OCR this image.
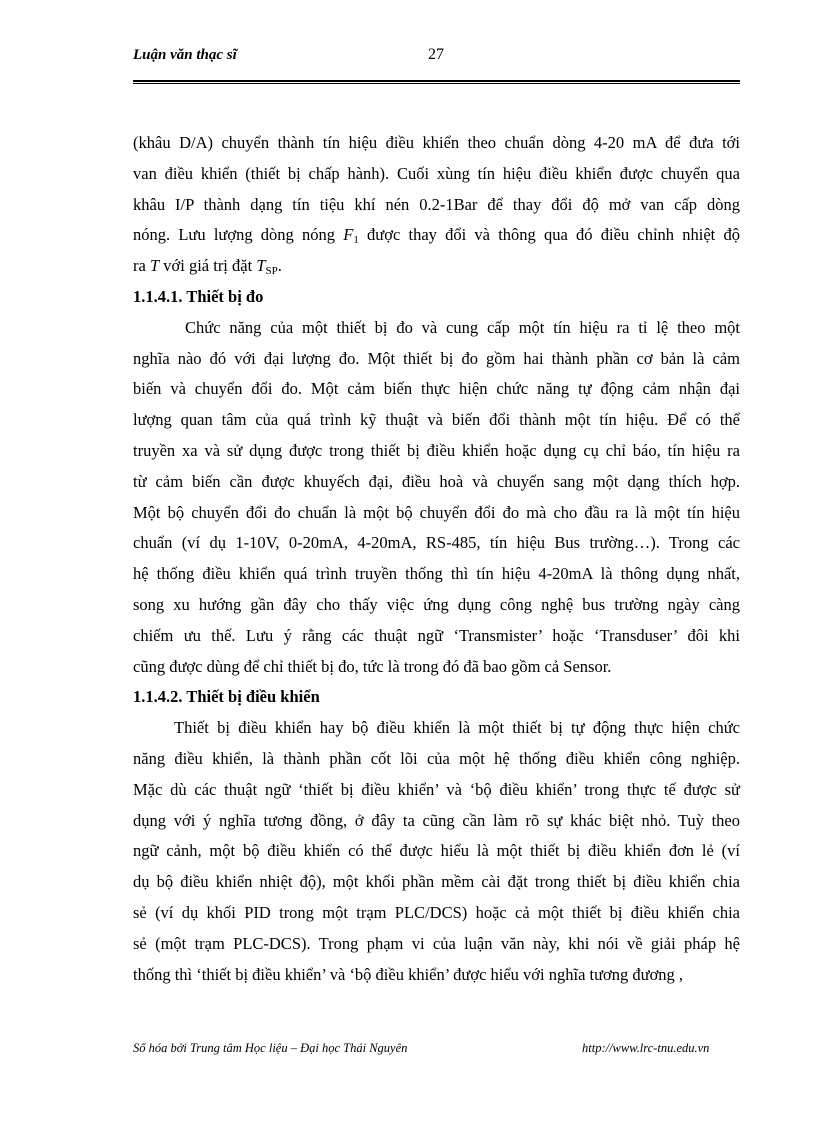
Luận văn thạc sĩ	27

(khâu D/A) chuyển thành tín hiệu điều khiển theo chuẩn dòng 4-20 mA để đưa tới

van điều khiển (thiết bị chấp hành). Cuối xùng tín hiệu điều khiển được chuyển qua

khâu I/P thành dạng tín tiệu khí nén 0.2-1Bar để thay đổi độ mở van cấp dòng

nóng. Lưu lượng dòng nóng $F_1$ được thay đổi và thông qua đó điều chỉnh nhiệt độ

ra T với giá trị đặt $T_{SP}$.

1.1.4.1. Thiết bị đo

Chức năng của một thiết bị đo và cung cấp một tín hiệu ra tỉ lệ theo một

nghĩa nào đó với đại lượng đo. Một thiết bị đo gồm hai thành phần cơ bản là cảm

biến và chuyển đổi đo. Một cảm biến thực hiện chức năng tự động cảm nhận đại

lượng quan tâm của quá trình kỹ thuật và biến đổi thành một tín hiệu. Để có thể

truyền xa và sử dụng được trong thiết bị điều khiển hoặc dụng cụ chỉ báo, tín hiệu ra

từ cảm biến cần được khuyếch đại, điều hoà và chuyển sang một dạng thích hợp.

Một bộ chuyển đổi đo chuẩn là một bộ chuyển đổi đo mà cho đầu ra là một tín hiệu

chuẩn (ví dụ 1-10V, 0-20mA, 4-20mA, RS-485, tín hiệu Bus trường…). Trong các

hệ thống điều khiển quá trình truyền thống thì tín hiệu 4-20mA là thông dụng nhất,

song xu hướng gần đây cho thấy việc ứng dụng công nghệ bus trường ngày càng

chiếm ưu thế. Lưu ý rằng các thuật ngữ ‘Transmister’ hoặc ‘Transduser’ đôi khi

cũng được dùng để chỉ thiết bị đo, tức là trong đó đã bao gồm cả Sensor.

1.1.4.2. Thiết bị điều khiển

Thiết bị điều khiển hay bộ điều khiển là một thiết bị tự động thực hiện chức

năng điều khiển, là thành phần cốt lõi của một hệ thống điều khiển công nghiệp.

Mặc dù các thuật ngữ ‘thiết bị điều khiển’ và ‘bộ điều khiển’ trong thực tế được sử

dụng với ý nghĩa tương đồng, ở đây ta cũng cần làm rõ sự khác biệt nhỏ. Tuỳ theo

ngữ cảnh, một bộ điều khiển có thể được hiểu là một thiết bị điều khiển đơn lẻ (ví

dụ bộ điều khiển nhiệt độ), một khối phần mềm cài đặt trong thiết bị điều khiển chia

sẻ (ví dụ khối PID trong một trạm PLC/DCS) hoặc cả một thiết bị điều khiển chia

sẻ (một trạm PLC-DCS). Trong phạm vi của luận văn này, khi nói về giải pháp hệ

thống thì ‘thiết bị điều khiển’ và ‘bộ điều khiển’ được hiểu với nghĩa tương đương ,

Số hóa bởi Trung tâm Học liệu – Đại học Thái Nguyên	http://www.lrc-tnu.edu.vn
